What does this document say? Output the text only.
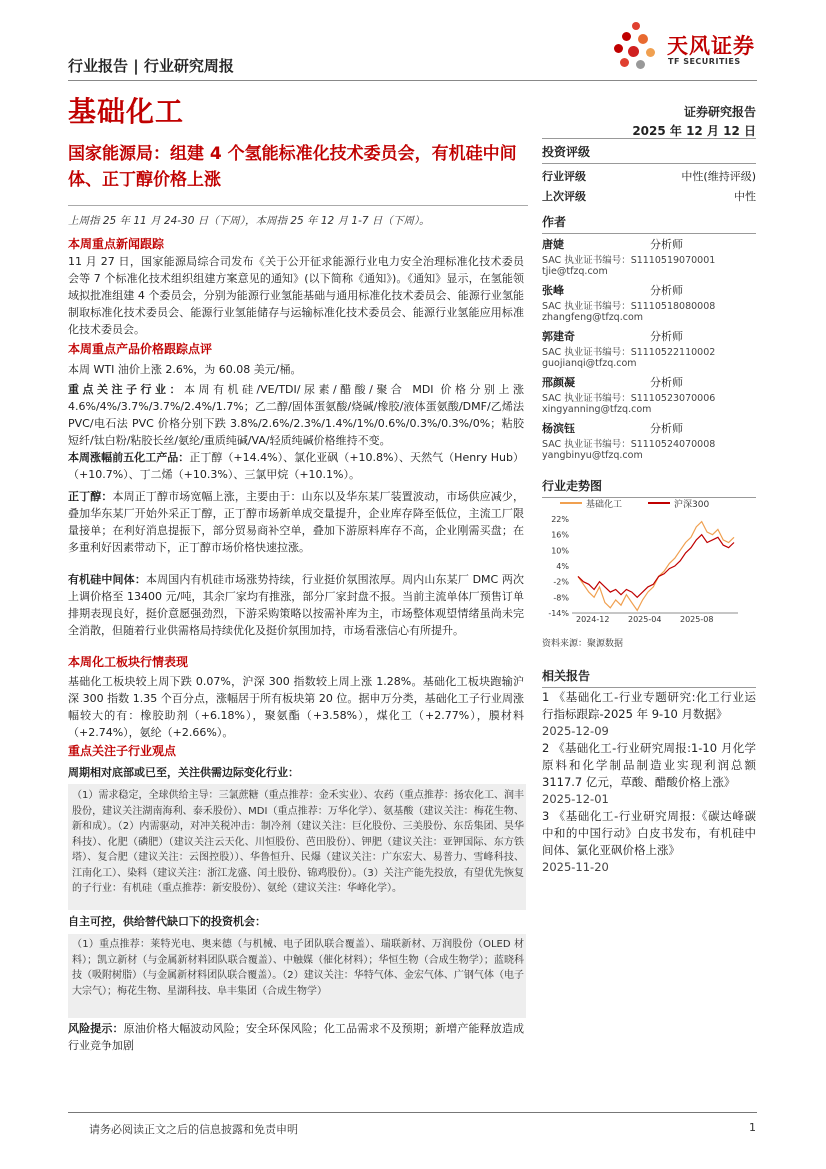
行业报告 | 行业研究周报
基础化工
天风证券
TF SECURITIES
证券研究报告
2025 年 12 月 12 日
国家能源局：组建 4 个氢能标准化技术委员会，有机硅中间体、正丁醇价格上涨
上周指 25 年 11 月 24-30 日（下周），本周指 25 年 12 月 1-7 日（下周）。
本周重点新闻跟踪
11 月 27 日，国家能源局综合司发布《关于公开征求能源行业电力安全治理标准化技术委员会等 7 个标准化技术组织组建方案意见的通知》(以下简称《通知》)。《通知》显示，在氢能领域拟批准组建 4 个委员会，分别为能源行业氢能基础与通用标准化技术委员会、能源行业氢能制取标准化技术委员会、能源行业氢能储存与运输标准化技术委员会、能源行业氢能应用标准化技术委员会。
本周重点产品价格跟踪点评
本周 WTI 油价上涨 2.6%，为 60.08 美元/桶。
重点关注子行业：本周有机硅/VE/TDI/尿素/醋酸/聚合 MDI 价格分别上涨 4.6%/4%/3.7%/3.7%/2.4%/1.7%；乙二醇/固体蛋氨酸/烧碱/橡胶/液体蛋氨酸/DMF/乙烯法 PVC/电石法 PVC 价格分别下跌 3.8%/2.6%/2.3%/1.4%/1%/0.6%/0.3%/0.3%/0%；粘胶短纤/钛白粉/粘胶长丝/氨纶/重质纯碱/VA/轻质纯碱价格维持不变。
本周涨幅前五化工产品：正丁醇（+14.4%）、氯化亚砜（+10.8%）、天然气（Henry Hub）（+10.7%）、丁二烯（+10.3%）、三氯甲烷（+10.1%）。
正丁醇：本周正丁醇市场宽幅上涨，主要由于：山东以及华东某厂装置波动，市场供应减少，叠加华东某厂开始外采正丁醇，正丁醇市场新单成交量提升，企业库存降至低位，主流工厂限量接单；在利好消息提振下，部分贸易商补空单，叠加下游原料库存不高，企业刚需买盘；在多重利好因素带动下，正丁醇市场价格快速拉涨。
有机硅中间体：本周国内有机硅市场涨势持续，行业挺价氛围浓厚。周内山东某厂 DMC 两次上调价格至 13400 元/吨，其余厂家均有推涨，部分厂家封盘不报。当前主流单体厂预售订单排期表现良好，挺价意愿强劲烈，下游采购策略以按需补库为主，市场整体观望情绪虽尚未完全消散，但随着行业供需格局持续优化及挺价氛围加持，市场看涨信心有所提升。
本周化工板块行情表现
基础化工板块较上周下跌 0.07%，沪深 300 指数较上周上涨 1.28%。基础化工板块跑输沪深 300 指数 1.35 个百分点，涨幅居于所有板块第 20 位。据申万分类，基础化工子行业周涨幅较大的有：橡胶助剂（+6.18%），聚氨酯（+3.58%），煤化工（+2.77%），膜材料（+2.74%），氨纶（+2.66%）。
重点关注子行业观点
周期相对底部或已至，关注供需边际变化行业：
（1）需求稳定，全球供给主导：三氯蔗糖（重点推荐：金禾实业）、农药（重点推荐：扬农化工、润丰股份，建议关注湖南海利、泰禾股份）、MDI（重点推荐：万华化学）、氨基酸（建议关注：梅花生物、新和成）。（2）内需驱动，对冲关税冲击：制冷剂（建议关注：巨化股份、三美股份、东岳集团、昊华科技）、化肥（磷肥）（建议关注云天化、川恒股份、芭田股份）、钾肥（建议关注：亚钾国际、东方铁塔）、复合肥（建议关注：云图控股））、华鲁恒升、民爆（建议关注：广东宏大、易普力、雪峰科技、江南化工）、染料（建议关注：浙江龙盛、闰土股份、锦鸡股份）。（3）关注产能先投放，有望优先恢复的子行业：有机硅（重点推荐：新安股份）、氨纶（建议关注：华峰化学）。
自主可控，供给替代缺口下的投资机会：
（1）重点推荐：莱特光电、奥来德（与机械、电子团队联合覆盖）、瑞联新材、万润股份（OLED 材料）；凯立新材（与金属新材料团队联合覆盖）、中触媒（催化材料）；华恒生物（合成生物学）；蓝晓科技（吸附树脂）（与金属新材料团队联合覆盖）。（2）建议关注：华特气体、金宏气体、广钢气体（电子大宗气）；梅花生物、星湖科技、阜丰集团（合成生物学）
风险提示：原油价格大幅波动风险；安全环保风险；化工品需求不及预期；新增产能释放造成行业竞争加剧
投资评级
行业评级	中性(维持评级)
上次评级	中性
作者
唐婕	分析师
SAC 执业证书编号：S1110519070001
tjie@tfzq.com
张峰	分析师
SAC 执业证书编号：S1110518080008
zhangfeng@tfzq.com
郭建奇	分析师
SAC 执业证书编号：S1110522110002
guojianqi@tfzq.com
邢颜凝	分析师
SAC 执业证书编号：S1110523070006
xingyanning@tfzq.com
杨滨钰	分析师
SAC 执业证书编号：S1110524070008
yangbinyu@tfzq.com
行业走势图
基础化工	沪深300
22%
16%
10%
4%
-2%
-8%
-14%
2024-12 2025-04 2025-08
资料来源：聚源数据
相关报告
1 《基础化工-行业专题研究:化工行业运行指标跟踪-2025 年 9-10 月数据》
2025-12-09
2 《基础化工-行业研究周报:1-10 月化学原料和化学制品制造业实现利润总额 3117.7 亿元，草酸、醋酸价格上涨》
2025-12-01
3 《基础化工-行业研究周报:《碳达峰碳中和的中国行动》白皮书发布，有机硅中间体、氯化亚砜价格上涨》
2025-11-20
请务必阅读正文之后的信息披露和免责申明	1
